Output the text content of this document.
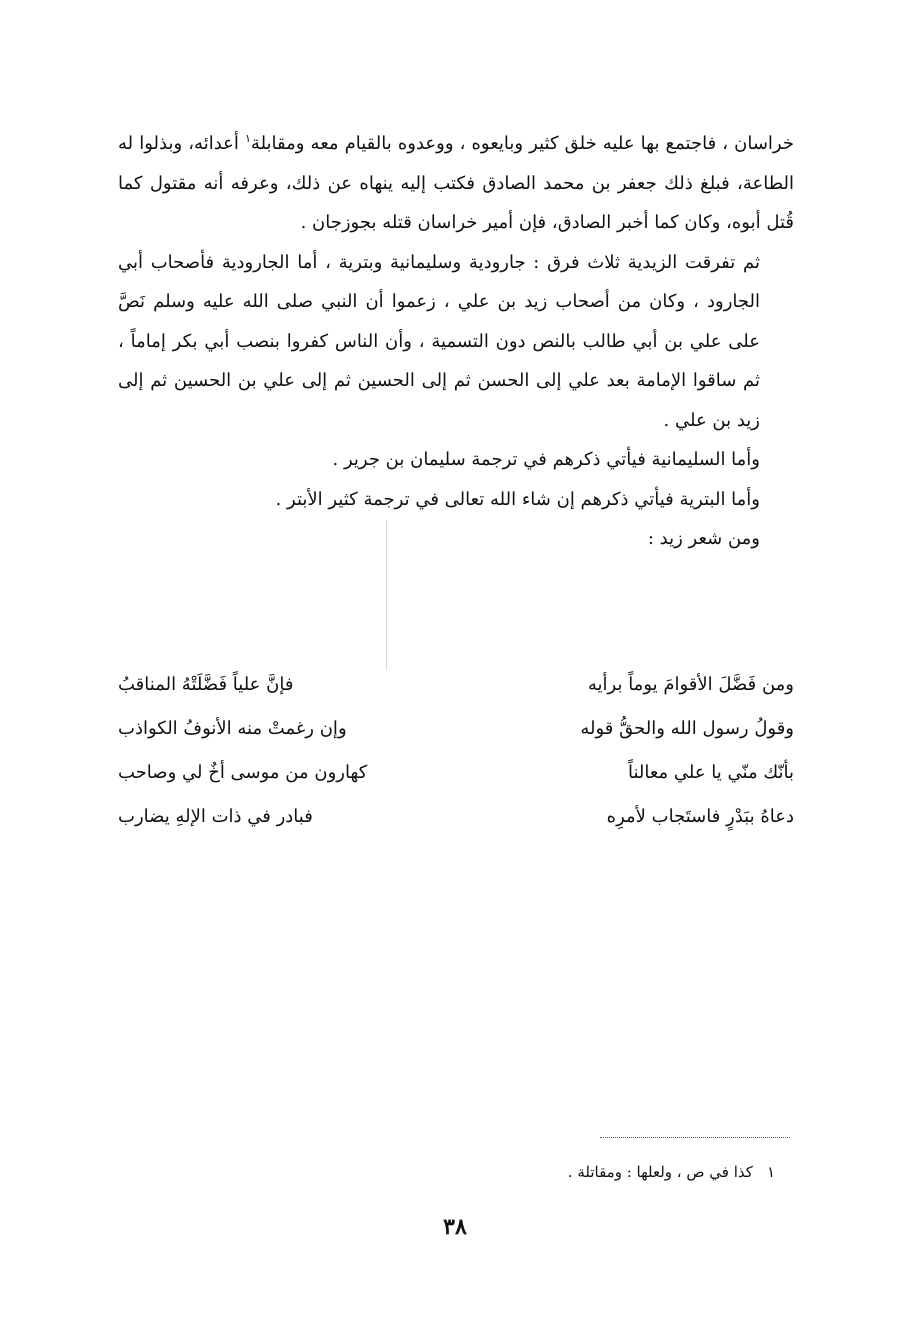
خراسان ، فاجتمع بها عليه خلق كثير وبايعوه ، ووعدوه بالقيام معه ومقابلة$^١$ أعدائه، وبذلوا له الطاعة، فبلغ ذلك جعفر بن محمد الصادق فكتب إليه ينهاه عن ذلك، وعرفه أنه مقتول كما قُتل أبوه، وكان كما أخبر الصادق، فإن أمير خراسان قتله بجوزجان .

ثم تفرقت الزيدية ثلاث فرق : جارودية وسليمانية وبترية ، أما الجارودية فأصحاب أبي الجارود ، وكان من أصحاب زيد بن علي ، زعموا أن النبي صلى الله عليه وسلم نَصَّ على علي بن أبي طالب بالنص دون التسمية ، وأن الناس كفروا بنصب أبي بكر إماماً ، ثم ساقوا الإمامة بعد علي إلى الحسن ثم إلى الحسين ثم إلى علي بن الحسين ثم إلى زيد بن علي .

وأما السليمانية فيأتي ذكرهم في ترجمة سليمان بن جرير .

وأما البترية فيأتي ذكرهم إن شاء الله تعالى في ترجمة كثير الأبتر .

ومن شعر زيد :

ومن فَضَّلَ الأقوامَ يوماً برأيه
فإنَّ علياً فَضَّلَتْهُ المناقبُ
وقولُ رسول الله والحقُّ قوله
وإن رغمتْ منه الأنوفُ الكواذب
بأنّك منّي يا علي معالناً
كهارون من موسى أخٌ لي وصاحب
دعاهُ ببَدْرٍ فاستَجاب لأمرِه
فبادر في ذات الإلهِ يضارب
١كذا في ص ، ولعلها : ومقاتلة .
٣٨
